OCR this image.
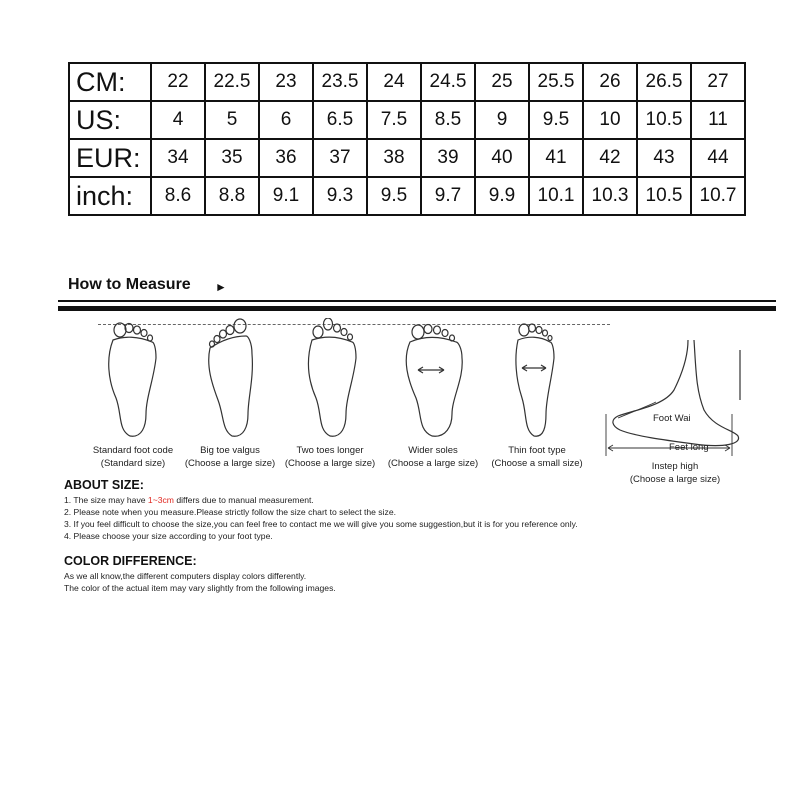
CM:	22	22.5	23	23.5	24	24.5	25	25.5	26	26.5	27
US:	4	5	6	6.5	7.5	8.5	9	9.5	10	10.5	11
EUR:	34	35	36	37	38	39	40	41	42	43	44
inch:	8.6	8.8	9.1	9.3	9.5	9.7	9.9	10.1	10.3	10.5	10.7
How to Measure ►
Standard foot code
(Standard size)
Big toe valgus
(Choose a large size)
Two toes longer
(Choose a large size)
Wider soles
(Choose a large size)
Thin foot type
(Choose a small size)
Foot Wai
Feet long
Instep high
(Choose a large size)
ABOUT SIZE:
1. The size may have 1~3cm differs due to manual measurement.
2. Please note when you measure.Please strictly follow the size chart to select the size.
3. If you feel difficult to choose the size,you can feel free to contact me we will give you some suggestion,but it is for you reference only.
4. Please choose your size according to your foot type.
COLOR DIFFERENCE:
As we all know,the different computers display colors differently.
The color of the actual item may vary slightly from the following images.
